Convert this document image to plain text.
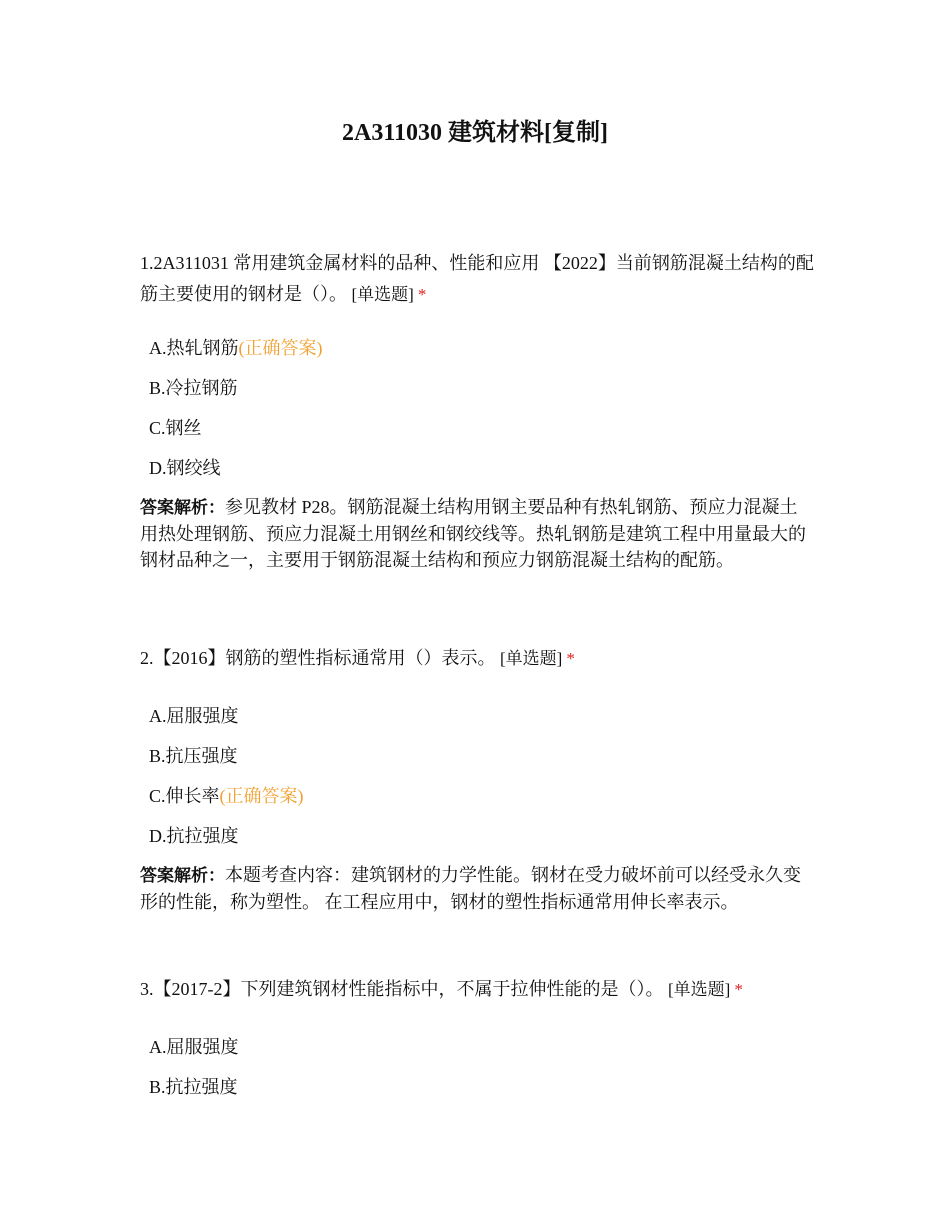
2A311030 建筑材料[复制]

1.2A311031 常用建筑金属材料的品种、性能和应用 【2022】当前钢筋混凝土结构的配筋主要使用的钢材是（）。 [单选题] *

A.热轧钢筋(正确答案)
B.冷拉钢筋
C.钢丝
D.钢绞线

答案解析：参见教材 P28。钢筋混凝土结构用钢主要品种有热轧钢筋、预应力混凝土用热处理钢筋、预应力混凝土用钢丝和钢绞线等。热轧钢筋是建筑工程中用量最大的钢材品种之一，主要用于钢筋混凝土结构和预应力钢筋混凝土结构的配筋。

2.【2016】钢筋的塑性指标通常用（）表示。 [单选题] *

A.屈服强度
B.抗压强度
C.伸长率(正确答案)
D.抗拉强度

答案解析：本题考查内容：建筑钢材的力学性能。钢材在受力破坏前可以经受永久变形的性能，称为塑性。 在工程应用中，钢材的塑性指标通常用伸长率表示。

3.【2017-2】下列建筑钢材性能指标中，不属于拉伸性能的是（）。 [单选题] *

A.屈服强度
B.抗拉强度
